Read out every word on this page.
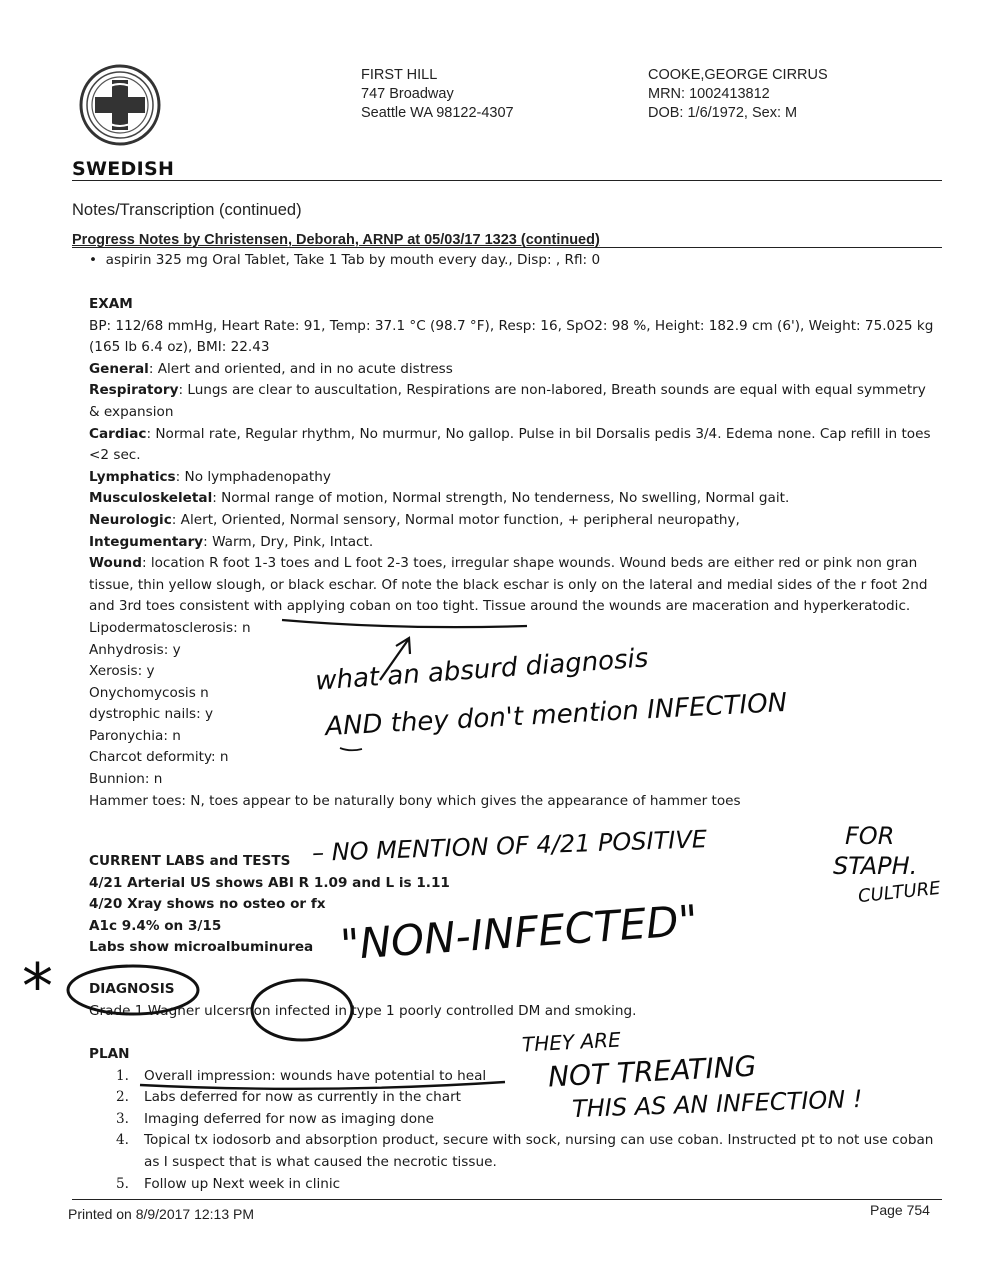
SWEDISH
FIRST HILL
747 Broadway
Seattle WA 98122-4307
COOKE,GEORGE CIRRUS
MRN: 1002413812
DOB: 1/6/1972, Sex: M
Notes/Transcription (continued)
Progress Notes by Christensen, Deborah, ARNP at 05/03/17 1323 (continued)
•  aspirin 325 mg Oral Tablet, Take 1 Tab by mouth every day., Disp: , Rfl: 0

EXAM

BP: 112/68 mmHg, Heart Rate: 91, Temp: 37.1 °C (98.7 °F), Resp: 16, SpO2: 98 %, Height: 182.9 cm (6'), Weight: 75.025 kg (165 lb 6.4 oz), BMI: 22.43

General: Alert and oriented, and in no acute distress

Respiratory: Lungs are clear to auscultation, Respirations are non-labored, Breath sounds are equal with equal symmetry & expansion

Cardiac: Normal rate, Regular rhythm, No murmur, No gallop. Pulse in bil Dorsalis pedis 3/4. Edema none. Cap refill in toes <2 sec.

Lymphatics: No lymphadenopathy

Musculoskeletal: Normal range of motion, Normal strength, No tenderness, No swelling, Normal gait.

Neurologic: Alert, Oriented, Normal sensory, Normal motor function, + peripheral neuropathy,

Integumentary: Warm, Dry, Pink, Intact.

Wound: location R foot 1-3 toes and L foot 2-3 toes, irregular shape wounds. Wound beds are either red or pink non gran tissue, thin yellow slough, or black eschar. Of note the black eschar is only on the lateral and medial sides of the r foot 2nd and 3rd toes consistent with applying coban on too tight. Tissue around the wounds are maceration and hyperkeratodic.

Lipodermatosclerosis: n

Anhydrosis: y

Xerosis: y

Onychomycosis n

dystrophic nails: y

Paronychia: n

Charcot deformity: n

Bunnion: n

Hammer toes: N, toes appear to be naturally bony which gives the appearance of hammer toes

CURRENT LABS and TESTS

4/21 Arterial US shows ABI R 1.09 and L is 1.11

4/20 Xray shows no osteo or fx

A1c 9.4% on 3/15

Labs show microalbuminurea

DIAGNOSIS

Grade 1 Wagner ulcersnon infected in type 1 poorly controlled DM and smoking.

PLAN

1. Overall impression: wounds have potential to heal
2. Labs deferred for now as currently in the chart
3. Imaging deferred for now as imaging done
4. Topical tx iodosorb and absorption product, secure with sock, nursing can use coban. Instructed pt to not use coban as I suspect that is what caused the necrotic tissue.
5. Follow up Next week in clinic
Printed on 8/9/2017 12:13 PM	Page 754
what an absurd diagnosis
AND they don't mention INFECTION
– NO MENTION OF 4/21 POSITIVE	FOR
STAPH.
CULTURE
"NON-INFECTED"
THEY ARE
NOT TREATING
THIS AS AN INFECTION !
*
